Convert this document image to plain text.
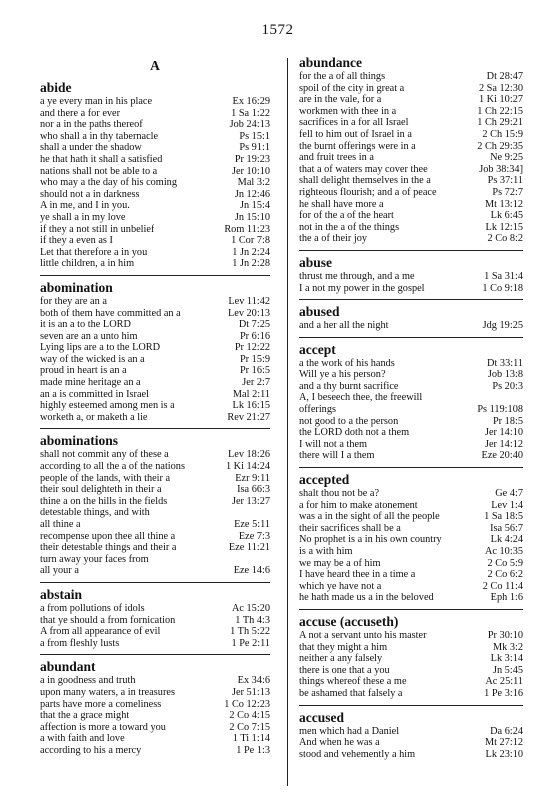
1572
A
abide
a ye every man in his place	Ex 16:29
and there a for ever	1 Sa 1:22
nor a in the paths thereof	Job 24:13
who shall a in thy tabernacle	Ps 15:1
shall a under the shadow	Ps 91:1
he that hath it shall a satisfied	Pr 19:23
nations shall not be able to a	Jer 10:10
who may a the day of his coming	Mal 3:2
should not a in darkness	Jn 12:46
A in me, and I in you.	Jn 15:4
ye shall a in my love	Jn 15:10
if they a not still in unbelief	Rom 11:23
if they a even as I	1 Cor 7:8
Let that therefore a in you	1 Jn 2:24
little children, a in him	1 Jn 2:28
abomination
for they are an a	Lev 11:42
both of them have committed an a	Lev 20:13
it is an a to the LORD	Dt 7:25
seven are an a unto him	Pr 6:16
Lying lips are a to the LORD	Pr 12:22
way of the wicked is an a	Pr 15:9
proud in heart is an a	Pr 16:5
made mine heritage an a	Jer 2:7
an a is committed in Israel	Mal 2:11
highly esteemed among men is a	Lk 16:15
worketh a, or maketh a lie	Rev 21:27
abominations
shall not commit any of these a	Lev 18:26
according to all the a of the nations	1 Ki 14:24
people of the lands, with their a	Ezr 9:11
their soul delighteth in their a	Isa 66:3
thine a on the hills in the fields	Jer 13:27
detestable things, and with
all thine a	Eze 5:11
recompense upon thee all thine a	Eze 7:3
their detestable things and their a	Eze 11:21
turn away your faces from
all your a	Eze 14:6
abstain
a from pollutions of idols	Ac 15:20
that ye should a from fornication	1 Th 4:3
A from all appearance of evil	1 Th 5:22
a from fleshly lusts	1 Pe 2:11
abundant
a in goodness and truth	Ex 34:6
upon many waters, a in treasures	Jer 51:13
parts have more a comeliness	1 Co 12:23
that the a grace might	2 Co 4:15
affection is more a toward you	2 Co 7:15
a with faith and love	1 Ti 1:14
according to his a mercy	1 Pe 1:3
abundance
for the a of all things	Dt 28:47
spoil of the city in great a	2 Sa 12:30
are in the vale, for a	1 Ki 10:27
workmen with thee in a	1 Ch 22:15
sacrifices in a for all Israel	1 Ch 29:21
fell to him out of Israel in a	2 Ch 15:9
the burnt offerings were in a	2 Ch 29:35
and fruit trees in a	Ne 9:25
that a of waters may cover thee	Job 38:34]
shall delight themselves in the a	Ps 37:11
righteous flourish; and a of peace	Ps 72:7
he shall have more a	Mt 13:12
for of the a of the heart	Lk 6:45
not in the a of the things	Lk 12:15
the a of their joy	2 Co 8:2
abuse
thrust me through, and a me	1 Sa 31:4
I a not my power in the gospel	1 Co 9:18
abused
and a her all the night	Jdg 19:25
accept
a the work of his hands	Dt 33:11
Will ye a his person?	Job 13:8
and a thy burnt sacrifice	Ps 20:3
A, I beseech thee, the freewill
offerings	Ps 119:108
not good to a the person	Pr 18:5
the LORD doth not a them	Jer 14:10
I will not a them	Jer 14:12
there will I a them	Eze 20:40
accepted
shalt thou not be a?	Ge 4:7
a for him to make atonement	Lev 1:4
was a in the sight of all the people	1 Sa 18:5
their sacrifices shall be a	Isa 56:7
No prophet is a in his own country	Lk 4:24
is a with him	Ac 10:35
we may be a of him	2 Co 5:9
I have heard thee in a time a	2 Co 6:2
which ye have not a	2 Co 11:4
he hath made us a in the beloved	Eph 1:6
accuse (accuseth)
A not a servant unto his master	Pr 30:10
that they might a him	Mk 3:2
neither a any falsely	Lk 3:14
there is one that a you	Jn 5:45
things whereof these a me	Ac 25:11
be ashamed that falsely a	1 Pe 3:16
accused
men which had a Daniel	Da 6:24
And when he was a	Mt 27:12
stood and vehemently a him	Lk 23:10
